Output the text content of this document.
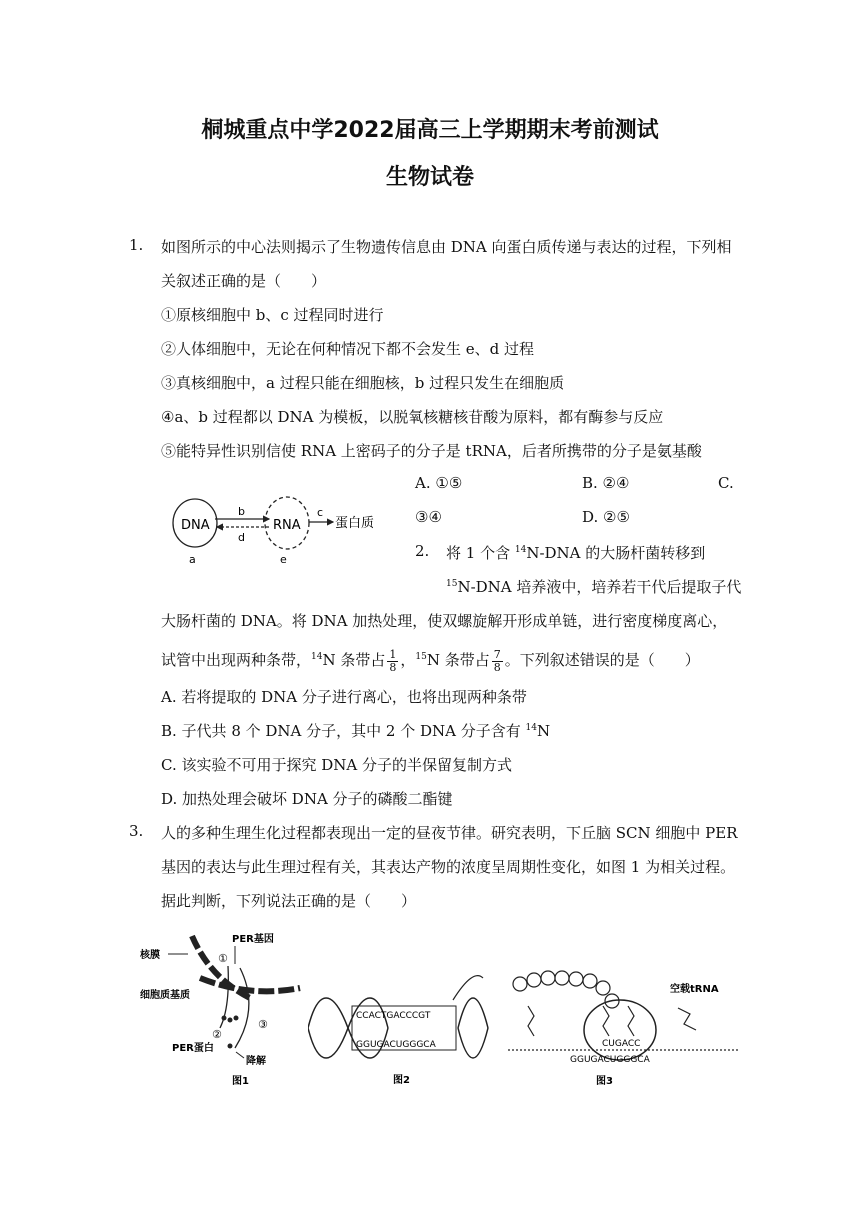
桐城重点中学2022届高三上学期期末考前测试
生物试卷
1. 如图所示的中心法则揭示了生物遗传信息由 DNA 向蛋白质传递与表达的过程，下列相
关叙述正确的是（　　）
①原核细胞中 b、c 过程同时进行
②人体细胞中，无论在何种情况下都不会发生 e、d 过程
③真核细胞中，a 过程只能在细胞核，b 过程只发生在细胞质
④a、b 过程都以 DNA 为模板，以脱氧核糖核苷酸为原料，都有酶参与反应
⑤能特异性识别信使 RNA 上密码子的分子是 tRNA，后者所携带的分子是氨基酸
A. ①⑤	B. ②④	C.
③④	D. ②⑤
DNA	RNA	蛋白质
b
d
c
a	e	2. 将 1 个含 $^{14}$N-DNA 的大肠杆菌转移到
$^{15}$N-DNA 培养液中，培养若干代后提取子代
大肠杆菌的 DNA。将 DNA 加热处理，使双螺旋解开形成单链，进行密度梯度离心，
试管中出现两种条带，$^{14}$N 条带占 $\frac{1}{8}$ ，$^{15}$N 条带占 $\frac{7}{8}$ 。下列叙述错误的是（　　）
A. 若将提取的 DNA 分子进行离心，也将出现两种条带
B. 子代共 8 个 DNA 分子，其中 2 个 DNA 分子含有 $^{14}$N
C. 该实验不可用于探究 DNA 分子的半保留复制方式
D. 加热处理会破坏 DNA 分子的磷酸二酯键
3. 人的多种生理生化过程都表现出一定的昼夜节律。研究表明，下丘脑 SCN 细胞中 PER
基因的表达与此生理过程有关，其表达产物的浓度呈周期性变化，如图 1 为相关过程。
据此判断，下列说法正确的是（　　）
核膜
PER基因
①
细胞质基质
②
③
PER蛋白
降解
图1
CCACTGACCCGT
GGUGACUGGGCA
图2
空载tRNA
CUGACC
GGUGACUGGGCA
图3
